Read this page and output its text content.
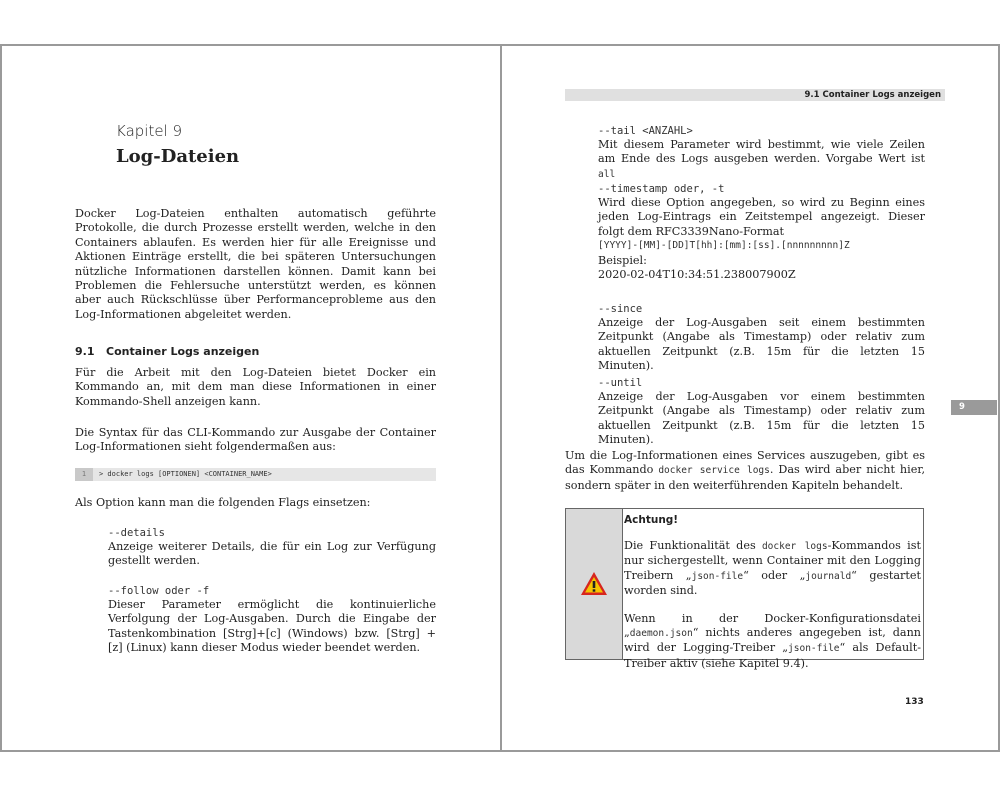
Kapitel 9
Log-Dateien

Docker Log-Dateien enthalten automatisch geführte Protokolle, die durch Prozesse erstellt werden, welche in den Containers ablaufen. Es werden hier für alle Ereignisse und Aktionen Einträge erstellt, die bei späteren Untersuchungen nützliche Informationen darstellen können. Damit kann bei Problemen die Fehlersuche unterstützt werden, es können aber auch Rückschlüsse über Performanceprobleme aus den Log-Informationen abgeleitet werden.

9.1 Container Logs anzeigen

Für die Arbeit mit den Log-Dateien bietet Docker ein Kommando an, mit dem man diese Informationen in einer Kommando-Shell anzeigen kann.

Die Syntax für das CLI-Kommando zur Ausgabe der Container Log-Informationen sieht folgendermaßen aus:

1 > docker logs [OPTIONEN] <CONTAINER_NAME>

Als Option kann man die folgenden Flags einsetzen:

--details

Anzeige weiterer Details, die für ein Log zur Verfügung gestellt werden.

--follow oder -f

Dieser Parameter ermöglicht die kontinuierliche Verfolgung der Log-Ausgaben. Durch die Eingabe der Tastenkombination [Strg]+[c] (Windows) bzw. [Strg] + [z] (Linux) kann dieser Modus wieder beendet werden.

9.1 Container Logs anzeigen
9
--tail <ANZAHL>

Mit diesem Parameter wird bestimmt, wie viele Zeilen am Ende des Logs ausgeben werden. Vorgabe Wert ist all

--timestamp oder, -t

Wird diese Option angegeben, so wird zu Beginn eines jeden Log-Eintrags ein Zeitstempel angezeigt. Dieser folgt dem RFC3339Nano-Format

[YYYY]-[MM]-[DD]T[hh]:[mm]:[ss].[nnnnnnnnn]Z

Beispiel:

2020-02-04T10:34:51.238007900Z

--since

Anzeige der Log-Ausgaben seit einem bestimmten Zeitpunkt (Angabe als Timestamp) oder relativ zum aktuellen Zeitpunkt (z.B. 15m für die letzten 15 Minuten).

--until

Anzeige der Log-Ausgaben vor einem bestimmten Zeitpunkt (Angabe als Timestamp) oder relativ zum aktuellen Zeitpunkt (z.B. 15m für die letzten 15 Minuten).

Um die Log-Informationen eines Services auszugeben, gibt es das Kommando docker service logs. Das wird aber nicht hier, sondern später in den weiterführenden Kapiteln behandelt.

Achtung!

Die Funktionalität des docker logs-Kommandos ist nur sichergestellt, wenn Container mit den Logging Treibern „json-file“ oder „journald“ gestartet worden sind.

Wenn in der Docker-Konfigurationsdatei „daemon.json“ nichts anderes angegeben ist, dann wird der Logging-Treiber „json-file“ als Default-Treiber aktiv (siehe Kapitel 9.4).

133
